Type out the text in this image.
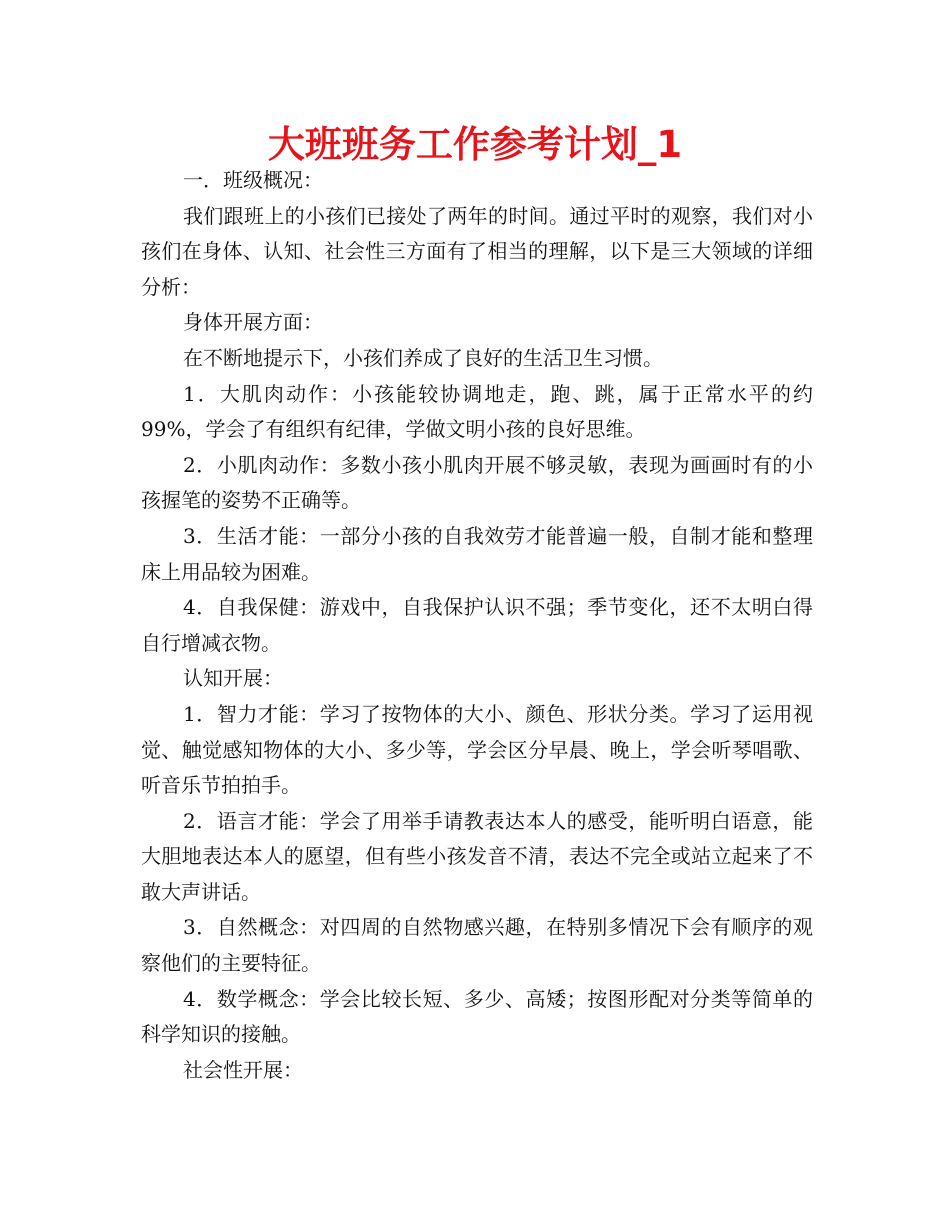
大班班务工作参考计划_1

一．班级概况：

我们跟班上的小孩们已接处了两年的时间。通过平时的观察，我们对小孩们在身体、认知、社会性三方面有了相当的理解，以下是三大领域的详细分析：

身体开展方面：

在不断地提示下，小孩们养成了良好的生活卫生习惯。

1．大肌肉动作：小孩能较协调地走，跑、跳，属于正常水平的约99%，学会了有组织有纪律，学做文明小孩的良好思维。

2．小肌肉动作：多数小孩小肌肉开展不够灵敏，表现为画画时有的小孩握笔的姿势不正确等。

3．生活才能：一部分小孩的自我效劳才能普遍一般，自制才能和整理 床上用品较为困难。

4．自我保健：游戏中，自我保护认识不强；季节变化，还不太明白得自行增减衣物。

认知开展：

1．智力才能：学习了按物体的大小、颜色、形状分类。学习了运用视觉、触觉感知物体的大小、多少等，学会区分早晨、晚上，学会听琴唱歌、听音乐节拍拍手。

2．语言才能：学会了用举手请教表达本人的感受，能听明白语意，能大胆地表达本人的愿望，但有些小孩发音不清，表达不完全或站立起来了不敢大声讲话。

3．自然概念：对四周的自然物感兴趣，在特别多情况下会有顺序的观察他们的主要特征。

4．数学概念：学会比较长短、多少、高矮；按图形配对分类等简单的科学知识的接触。

社会性开展：
